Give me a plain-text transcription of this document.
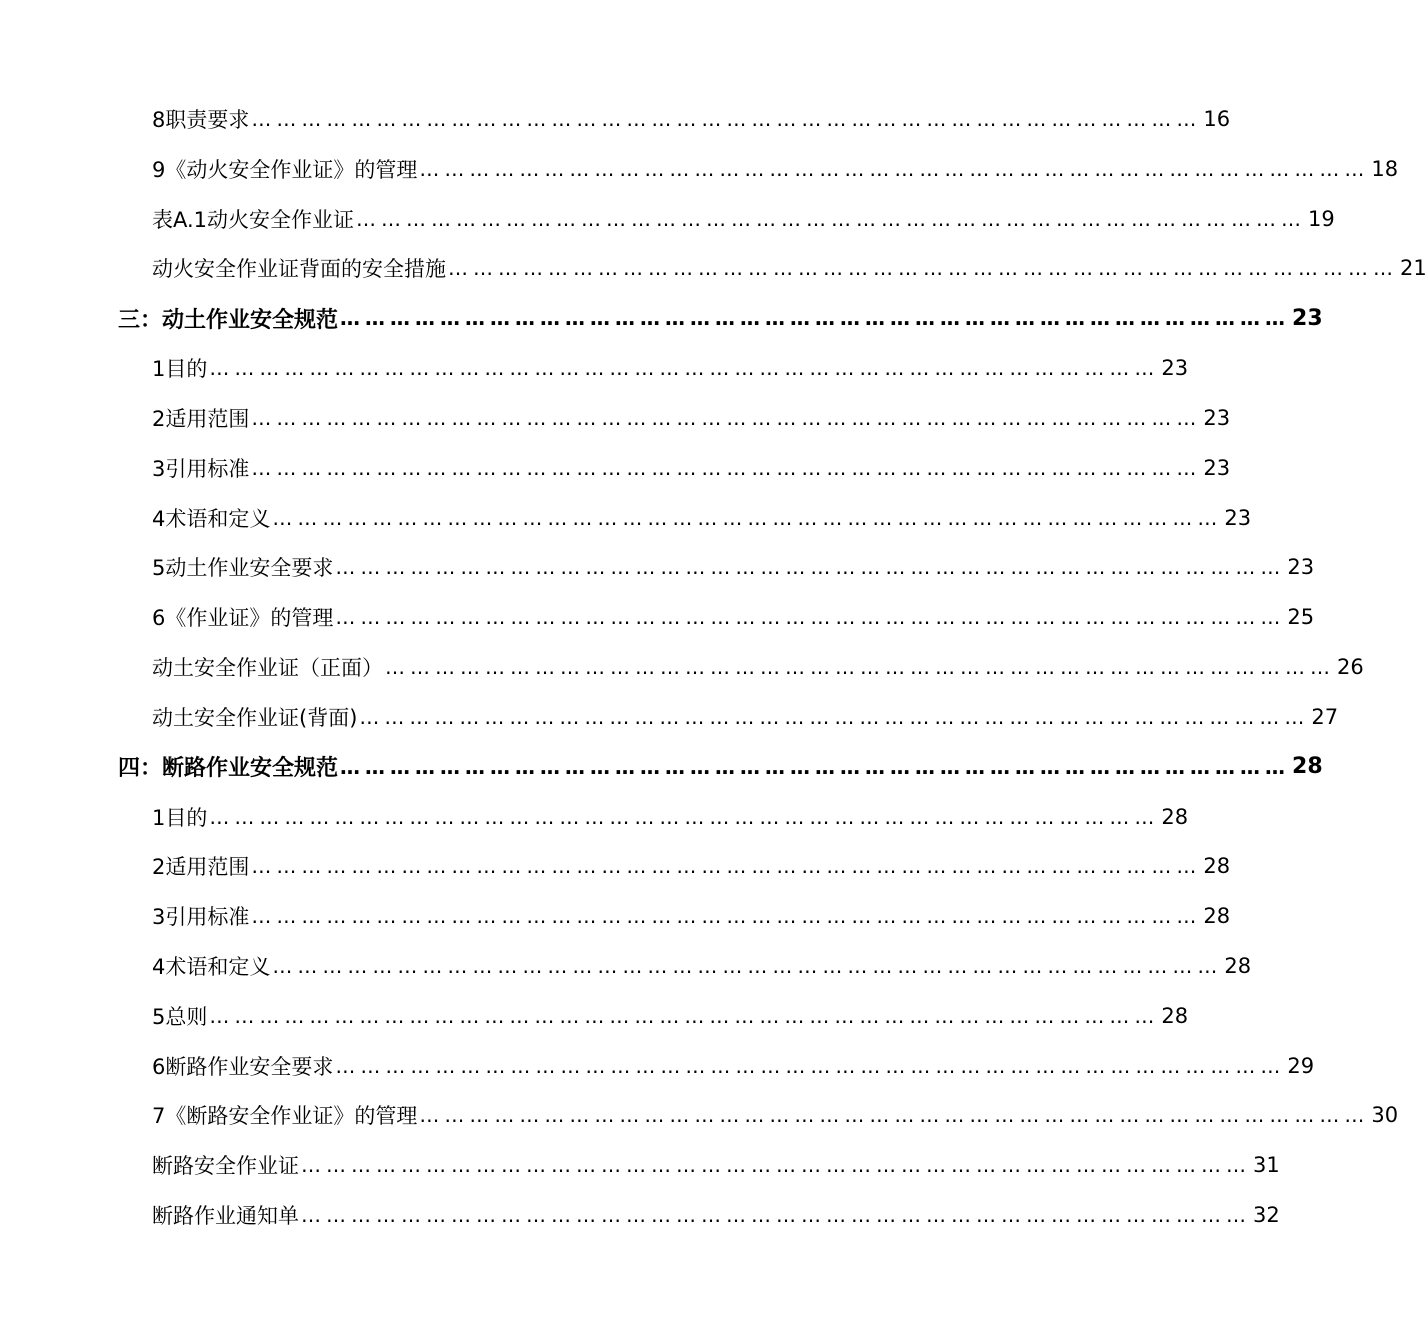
8职责要求 …………………………………………………………………………………………………… 16
9《动火安全作业证》的管理 …………………………………………………………………………………………………… 18
表A.1动火安全作业证 …………………………………………………………………………………………………… 19
动火安全作业证背面的安全措施 …………………………………………………………………………………………………… 21
三：动土作业安全规范 …………………………………………………………………………………………………… 23
1目的 …………………………………………………………………………………………………… 23
2适用范围 …………………………………………………………………………………………………… 23
3引用标准 …………………………………………………………………………………………………… 23
4术语和定义 …………………………………………………………………………………………………… 23
5动土作业安全要求 …………………………………………………………………………………………………… 23
6《作业证》的管理 …………………………………………………………………………………………………… 25
动土安全作业证（正面） …………………………………………………………………………………………………… 26
动土安全作业证(背面) …………………………………………………………………………………………………… 27
四：断路作业安全规范 …………………………………………………………………………………………………… 28
1目的 …………………………………………………………………………………………………… 28
2适用范围 …………………………………………………………………………………………………… 28
3引用标准 …………………………………………………………………………………………………… 28
4术语和定义 …………………………………………………………………………………………………… 28
5总则 …………………………………………………………………………………………………… 28
6断路作业安全要求 …………………………………………………………………………………………………… 29
7《断路安全作业证》的管理 …………………………………………………………………………………………………… 30
断路安全作业证 …………………………………………………………………………………………………… 31
断路作业通知单 …………………………………………………………………………………………………… 32
